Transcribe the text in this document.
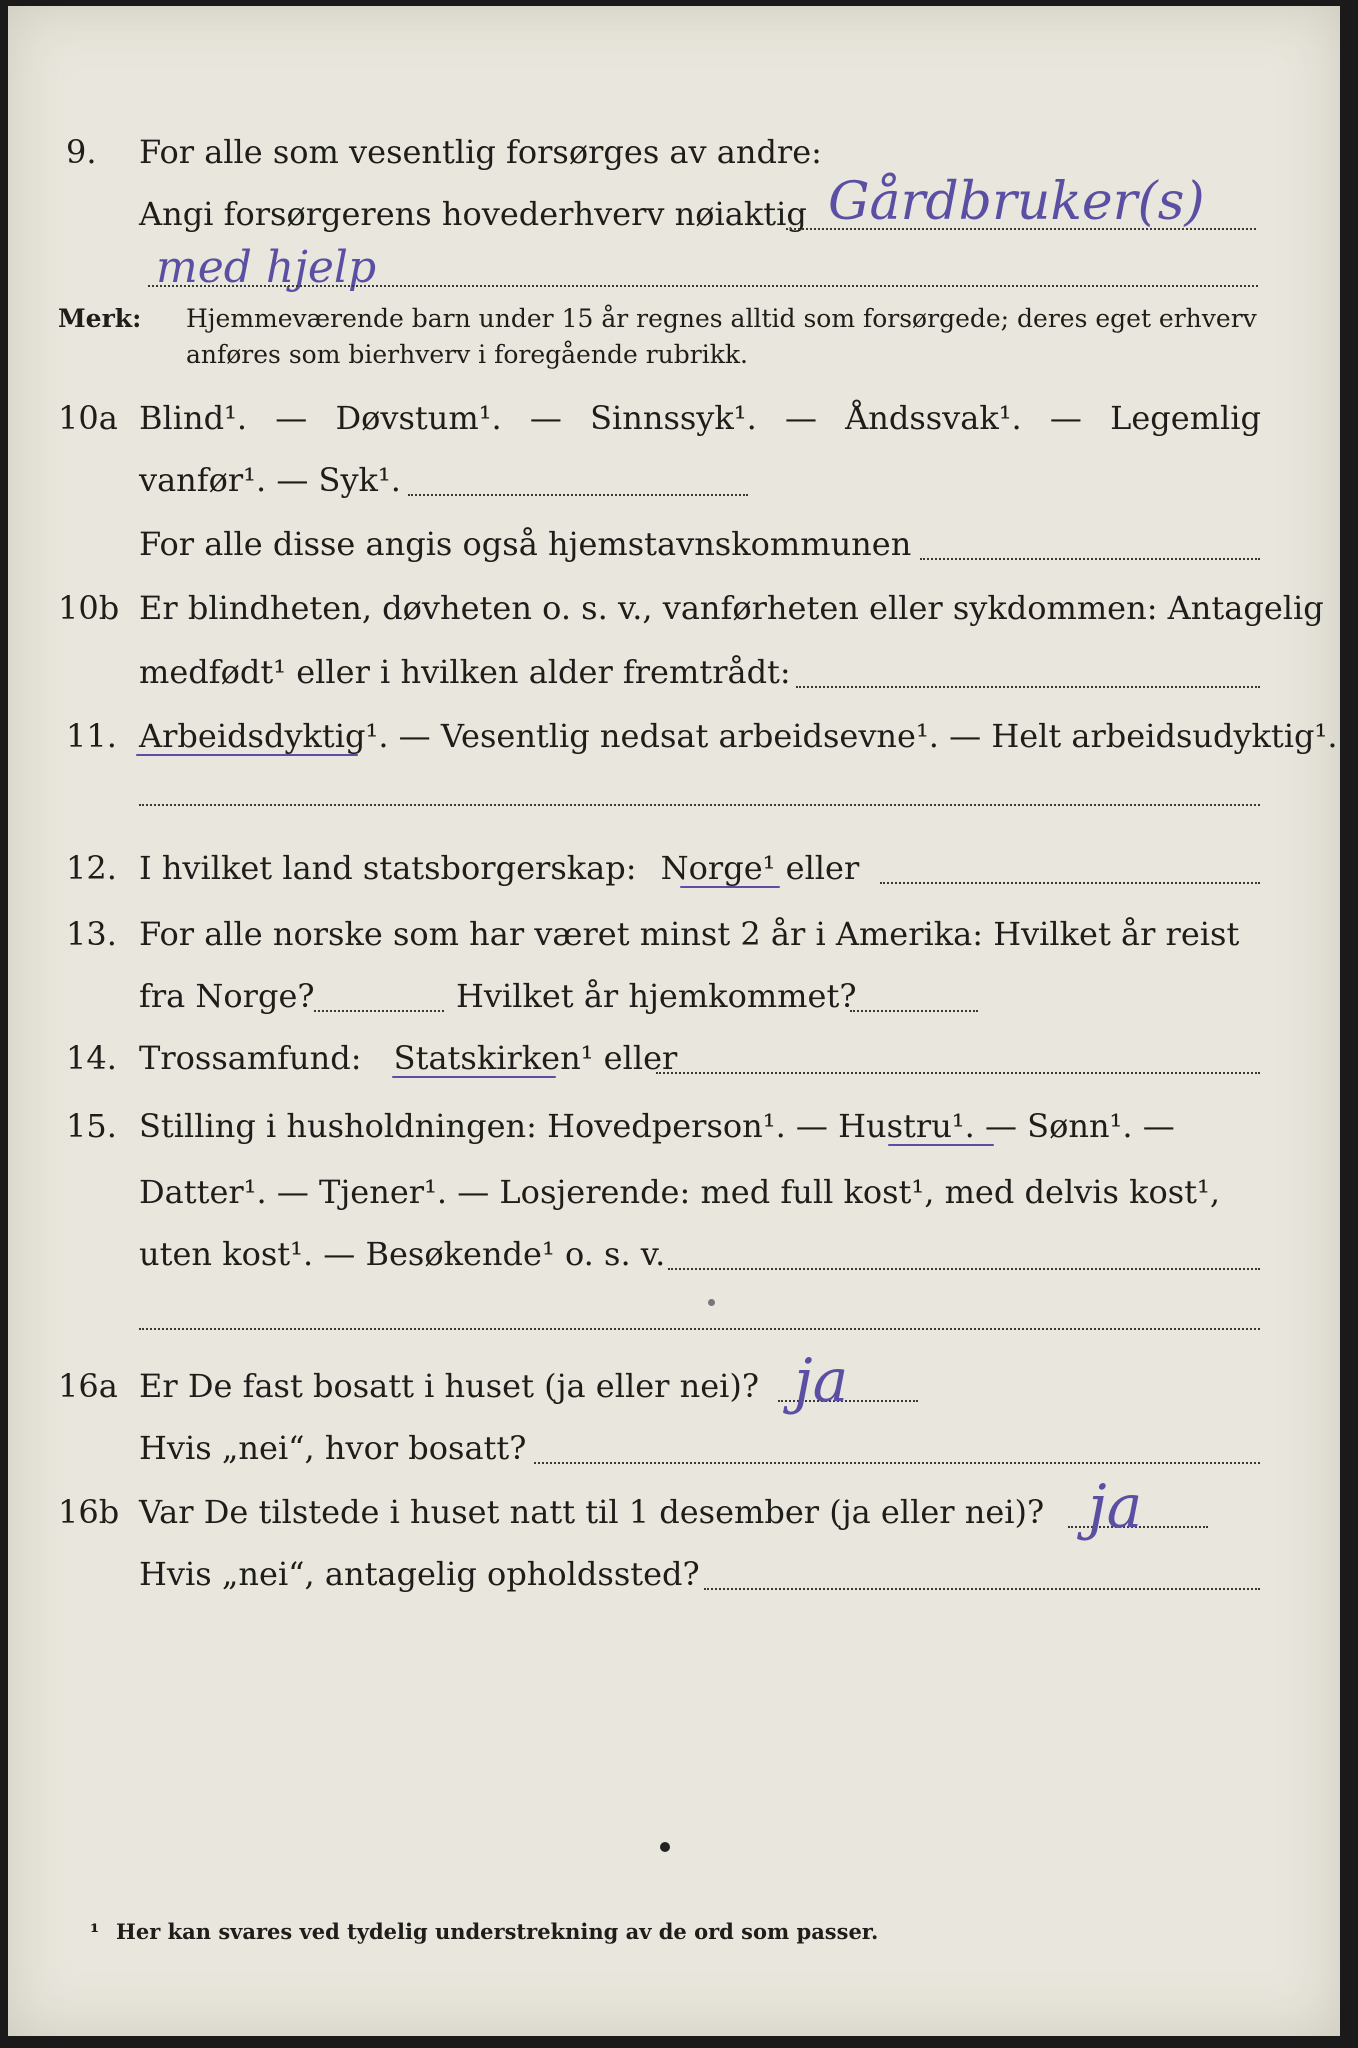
9. For alle som vesentlig forsørges av andre:
Angi forsørgerens hovederhverv nøiaktig Gårdbruker(s)
med hjelp
Merk: Hjemmeværende barn under 15 år regnes alltid som forsørgede; deres eget erhverv
anføres som bierhverv i foregående rubrikk.
10a Blind¹. — Døvstum¹. — Sinnssyk¹. — Åndssvak¹. — Legemlig
vanfør¹. — Syk¹.
For alle disse angis også hjemstavnskommunen
10b Er blindheten, døvheten o. s. v., vanførheten eller sykdommen: Antagelig
medfødt¹ eller i hvilken alder fremtrådt:
11. Arbeidsdyktig¹. — Vesentlig nedsat arbeidsevne¹. — Helt arbeidsudyktig¹.
12. I hvilket land statsborgerskap: Norge¹ eller
13. For alle norske som har været minst 2 år i Amerika: Hvilket år reist
fra Norge?	Hvilket år hjemkommet?
14. Trossamfund: Statskirken¹ eller
15. Stilling i husholdningen: Hovedperson¹. — Hustru¹. — Sønn¹. —
Datter¹. — Tjener¹. — Losjerende: med full kost¹, med delvis kost¹,
uten kost¹. — Besøkende¹ o. s. v.
16a Er De fast bosatt i huset (ja eller nei)? ja
Hvis „nei“, hvor bosatt?
16b Var De tilstede i huset natt til 1 desember (ja eller nei)? ja
Hvis „nei“, antagelig opholdssted?
¹ Her kan svares ved tydelig understrekning av de ord som passer.
